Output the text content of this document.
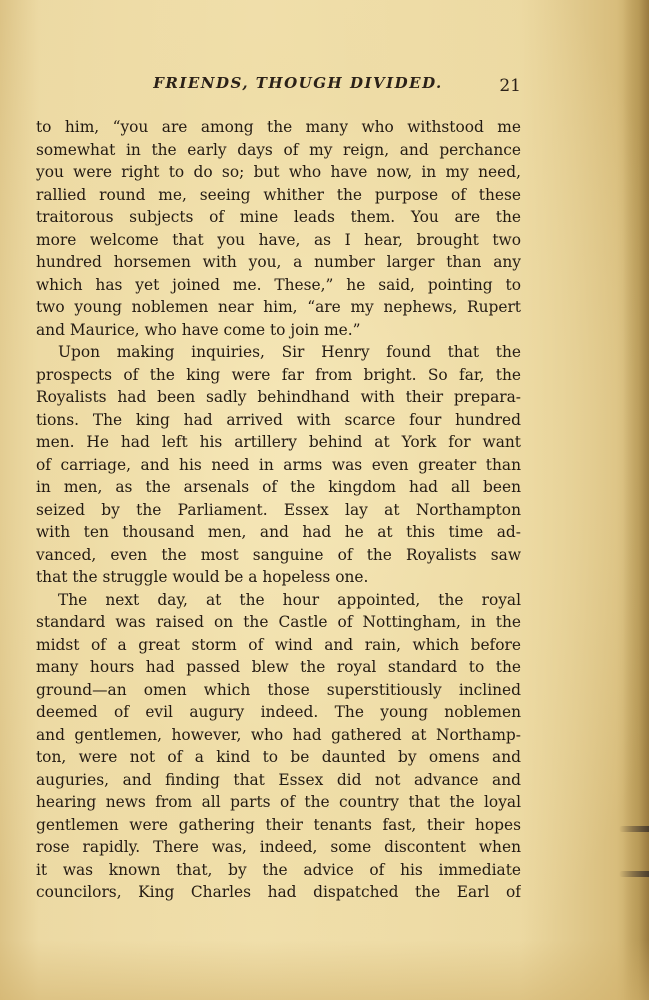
FRIENDS, THOUGH DIVIDED.	21
to him, “you are among the many who withstood me
somewhat in the early days of my reign, and perchance
you were right to do so; but who have now, in my need,
rallied round me, seeing whither the purpose of these
traitorous subjects of mine leads them. You are the
more welcome that you have, as I hear, brought two
hundred horsemen with you, a number larger than any
which has yet joined me. These,” he said, pointing to
two young noblemen near him, “are my nephews, Rupert
and Maurice, who have come to join me.”
Upon making inquiries, Sir Henry found that the
prospects of the king were far from bright. So far, the
Royalists had been sadly behindhand with their prepara-
tions. The king had arrived with scarce four hundred
men. He had left his artillery behind at York for want
of carriage, and his need in arms was even greater than
in men, as the arsenals of the kingdom had all been
seized by the Parliament. Essex lay at Northampton
with ten thousand men, and had he at this time ad-
vanced, even the most sanguine of the Royalists saw
that the struggle would be a hopeless one.
The next day, at the hour appointed, the royal
standard was raised on the Castle of Nottingham, in the
midst of a great storm of wind and rain, which before
many hours had passed blew the royal standard to the
ground—an omen which those superstitiously inclined
deemed of evil augury indeed. The young noblemen
and gentlemen, however, who had gathered at Northamp-
ton, were not of a kind to be daunted by omens and
auguries, and finding that Essex did not advance and
hearing news from all parts of the country that the loyal
gentlemen were gathering their tenants fast, their hopes
rose rapidly. There was, indeed, some discontent when
it was known that, by the advice of his immediate
councilors, King Charles had dispatched the Earl of
